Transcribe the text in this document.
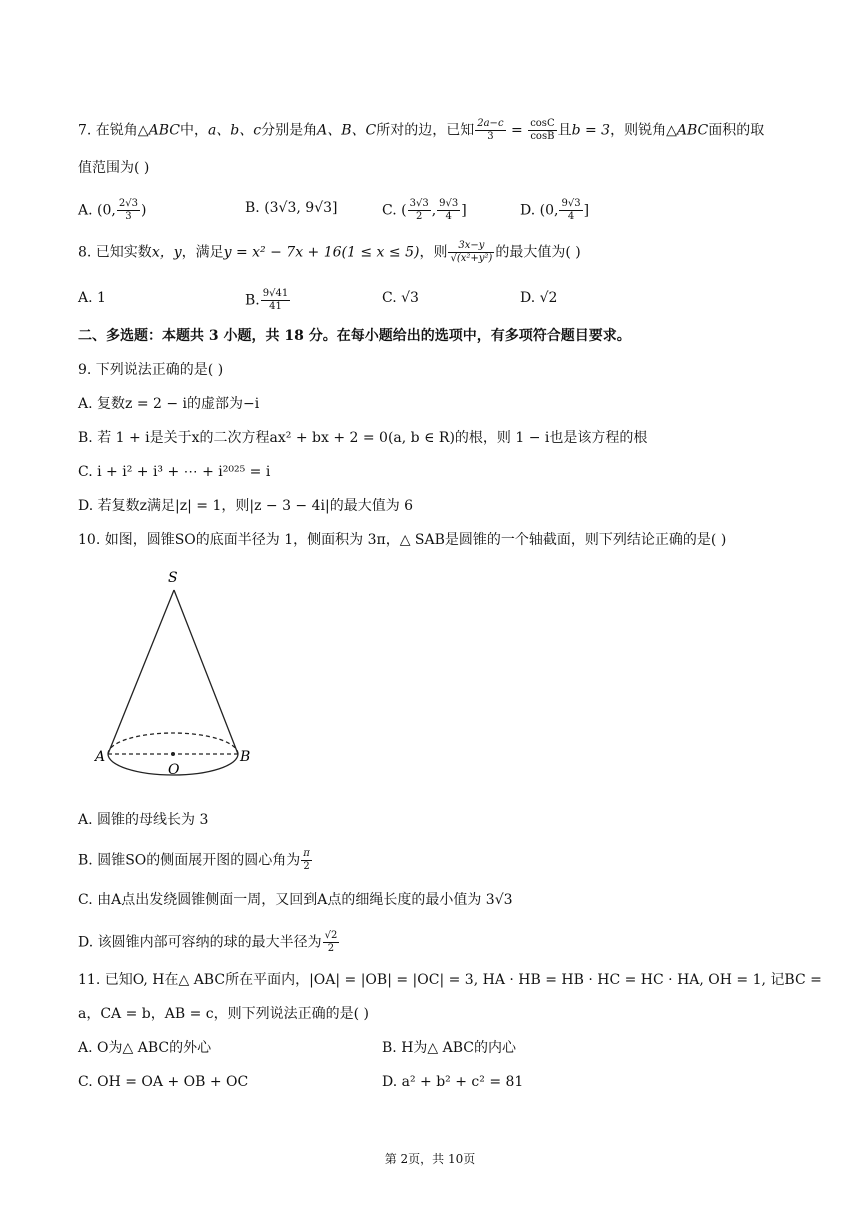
7. 在锐角△ABC中，a、b、c分别是角A、B、C所对的边，已知 $\frac{2a-c}{3} = \frac{\cos C}{\cos B}$ 且b = 3，则锐角△ABC面积的取
值范围为( )
A. (0, $\frac{2√3}{3}$ )	B. (3√3, 9√3]	C. ( $\frac{3√3}{2}$ , $\frac{9√3}{4}$ ]	D. (0, $\frac{9√3}{4}$ ]
8. 已知实数x，y，满足y = x² − 7x + 16(1 ≤ x ≤ 5)，则 $\frac{3x-y}{\text{√(x²+y²)}}$ 的最大值为( )
A. 1	B. $\frac{9√41}{41}$	C. √3	D. √2
二、多选题：本题共 3 小题，共 18 分。在每小题给出的选项中，有多项符合题目要求。
9. 下列说法正确的是( )
A. 复数z = 2 − i的虚部为−i
B. 若 1 + i是关于x的二次方程ax² + bx + 2 = 0(a, b ∈ R)的根，则 1 − i也是该方程的根
C. i + i² + i³ + ⋯ + i²⁰²⁵ = i
D. 若复数z满足|z| = 1，则|z − 3 − 4i|的最大值为 6
10. 如图，圆锥SO的底面半径为 1，侧面积为 3π，△ SAB是圆锥的一个轴截面，则下列结论正确的是( )
S
A	B
O
A. 圆锥的母线长为 3
B. 圆锥SO的侧面展开图的圆心角为 $\frac{\pi}{2}$
C. 由A点出发绕圆锥侧面一周，又回到A点的细绳长度的最小值为 3√3
D. 该圆锥内部可容纳的球的最大半径为 $\frac{√2}{2}$
11. 已知O, H在△ ABC所在平面内，|OA| = |OB| = |OC| = 3, HA · HB = HB · HC = HC · HA, OH = 1, 记BC =
a，CA = b，AB = c，则下列说法正确的是( )
A. O为△ ABC的外心	B. H为△ ABC的内心
C. OH = OA + OB + OC	D. a² + b² + c² = 81
第 2页，共 10页
